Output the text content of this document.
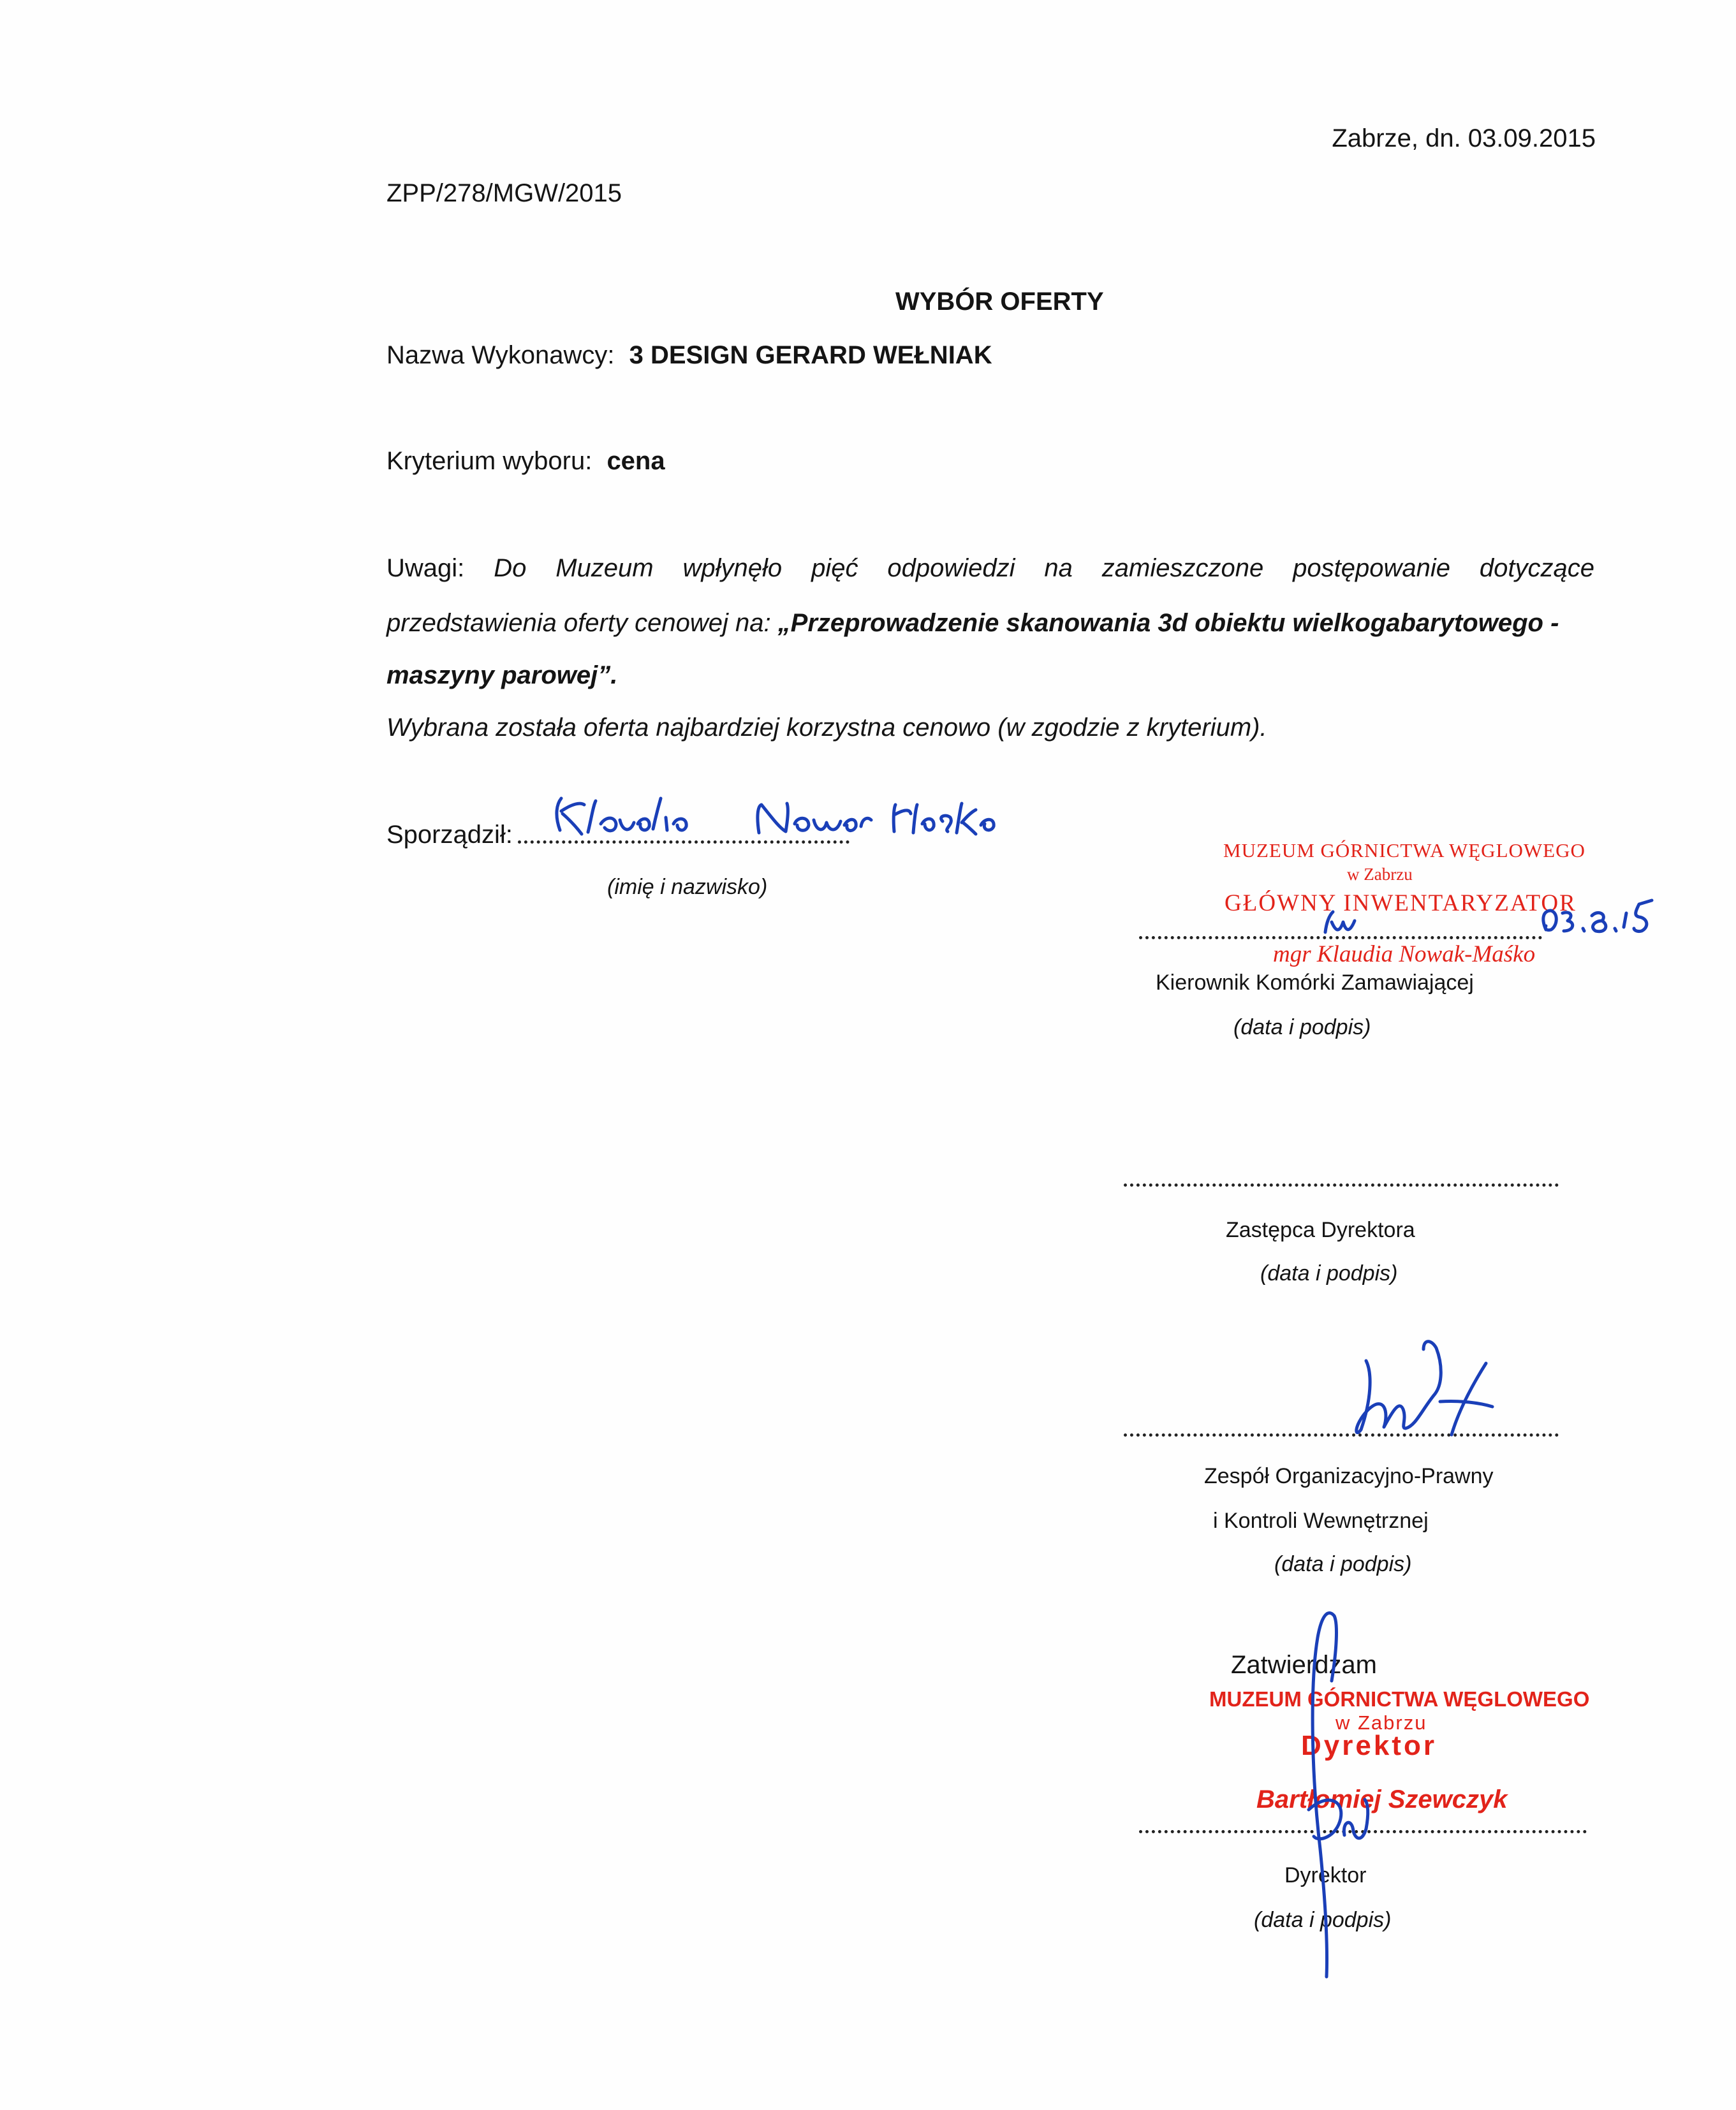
Zabrze, dn. 03.09.2015
ZPP/278/MGW/2015
WYBÓR OFERTY
Nazwa Wykonawcy: 3 DESIGN GERARD WEŁNIAK
Kryterium wyboru: cena
Uwagi: Do Muzeum wpłynęło pięć odpowiedzi na zamieszczone postępowanie dotyczące
przedstawienia oferty cenowej na: „Przeprowadzenie skanowania 3d obiektu wielkogabarytowego -
maszyny parowej”.
Wybrana została oferta najbardziej korzystna cenowo (w zgodzie z kryterium).
Sporządził:
(imię i nazwisko)
MUZEUM GÓRNICTWA WĘGLOWEGO
w Zabrzu
GŁÓWNY INWENTARYZATOR
mgr Klaudia Nowak-Maśko
Kierownik Komórki Zamawiającej
(data i podpis)
Zastępca Dyrektora
(data i podpis)
Zespół Organizacyjno-Prawny
i Kontroli Wewnętrznej
(data i podpis)
Zatwierdzam
MUZEUM GÓRNICTWA WĘGLOWEGO
w Zabrzu
Dyrektor
Bartłomiej Szewczyk
Dyrektor
(data i podpis)
